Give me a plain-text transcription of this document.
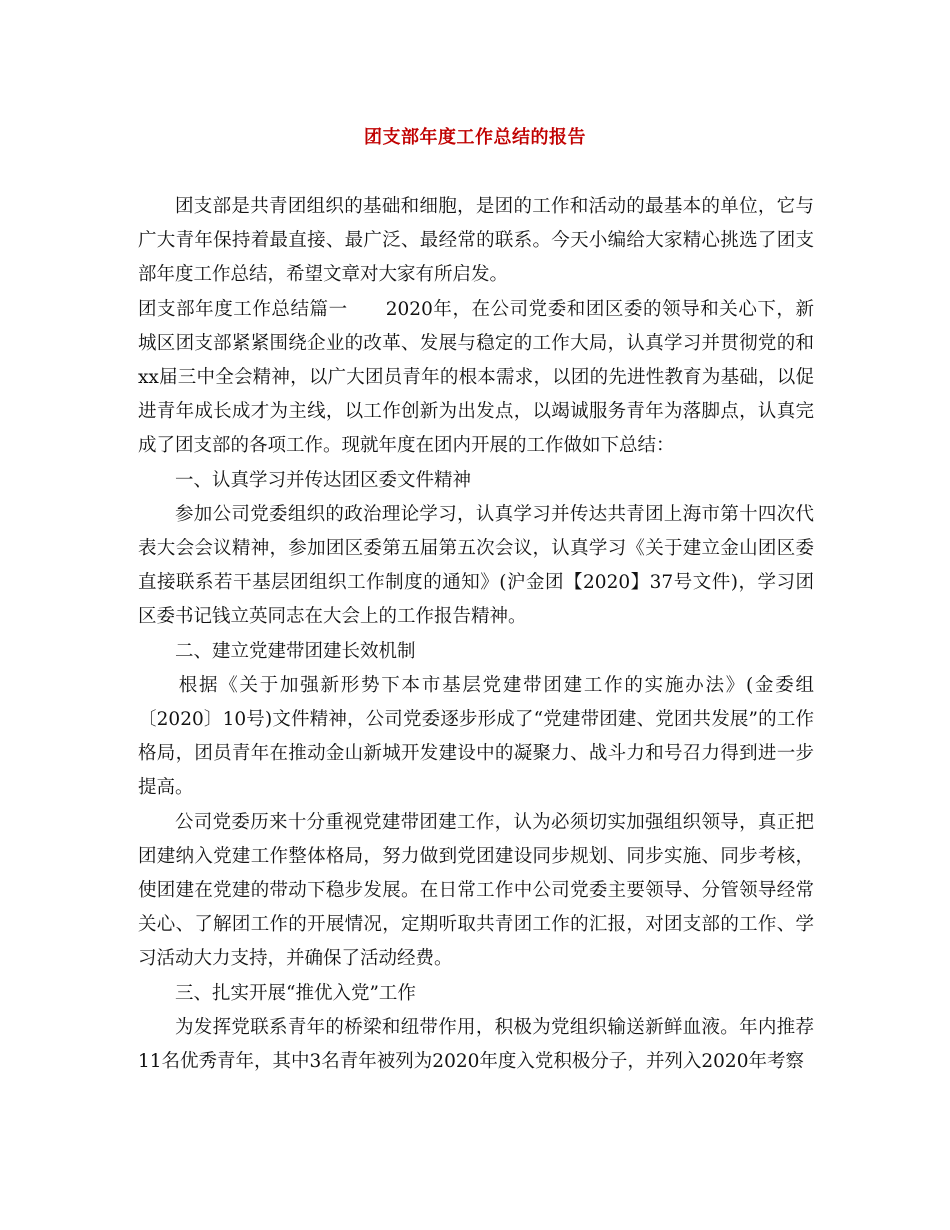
团支部年度工作总结的报告

团支部是共青团组织的基础和细胞，是团的工作和活动的最基本的单位，它与广大青年保持着最直接、最广泛、最经常的联系。今天小编给大家精心挑选了团支部年度工作总结，希望文章对大家有所启发。

团支部年度工作总结篇一　　2020年，在公司党委和团区委的领导和关心下，新城区团支部紧紧围绕企业的改革、发展与稳定的工作大局，认真学习并贯彻党的和xx届三中全会精神，以广大团员青年的根本需求，以团的先进性教育为基础，以促进青年成长成才为主线，以工作创新为出发点，以竭诚服务青年为落脚点，认真完成了团支部的各项工作。现就年度在团内开展的工作做如下总结：

一、认真学习并传达团区委文件精神

参加公司党委组织的政治理论学习，认真学习并传达共青团上海市第十四次代表大会会议精神，参加团区委第五届第五次会议，认真学习《关于建立金山团区委直接联系若干基层团组织工作制度的通知》(沪金团【2020】37号文件)，学习团区委书记钱立英同志在大会上的工作报告精神。

二、建立党建带团建长效机制

根据《关于加强新形势下本市基层党建带团建工作的实施办法》(金委组〔2020〕10号)文件精神，公司党委逐步形成了“党建带团建、党团共发展”的工作格局，团员青年在推动金山新城开发建设中的凝聚力、战斗力和号召力得到进一步提高。

公司党委历来十分重视党建带团建工作，认为必须切实加强组织领导，真正把团建纳入党建工作整体格局，努力做到党团建设同步规划、同步实施、同步考核，使团建在党建的带动下稳步发展。在日常工作中公司党委主要领导、分管领导经常关心、了解团工作的开展情况，定期听取共青团工作的汇报，对团支部的工作、学习活动大力支持，并确保了活动经费。

三、扎实开展“推优入党”工作

为发挥党联系青年的桥梁和纽带作用，积极为党组织输送新鲜血液。年内推荐11名优秀青年，其中3名青年被列为2020年度入党积极分子，并列入2020年考察
